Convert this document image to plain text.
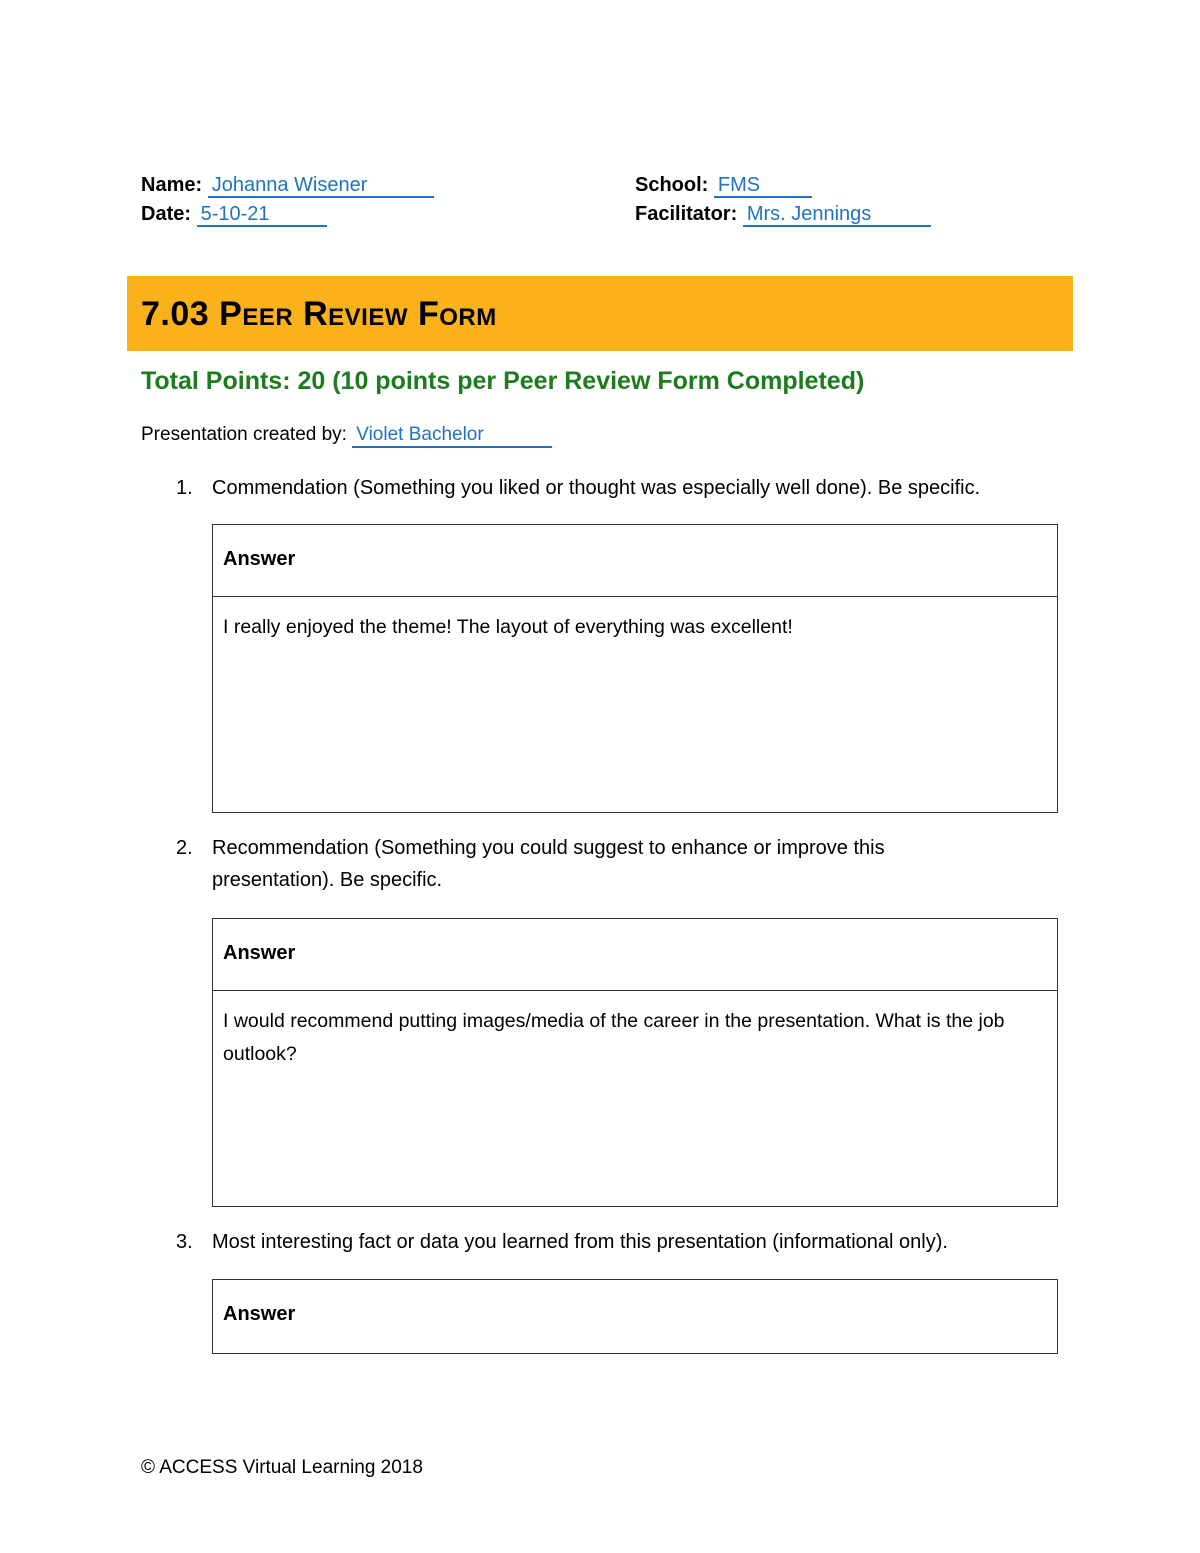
Name: Johanna Wisener
Date: 5-10-21
School: FMS
Facilitator: Mrs. Jennings
7.03 Peer Review Form
Total Points: 20 (10 points per Peer Review Form Completed)
Presentation created by: Violet Bachelor
1. Commendation (Something you liked or thought was especially well done). Be specific.
Answer
I really enjoyed the theme! The layout of everything was excellent!
2. Recommendation (Something you could suggest to enhance or improve this presentation). Be specific.
Answer
I would recommend putting images/media of the career in the presentation. What is the job outlook?
3. Most interesting fact or data you learned from this presentation (informational only).
Answer
© ACCESS Virtual Learning 2018
